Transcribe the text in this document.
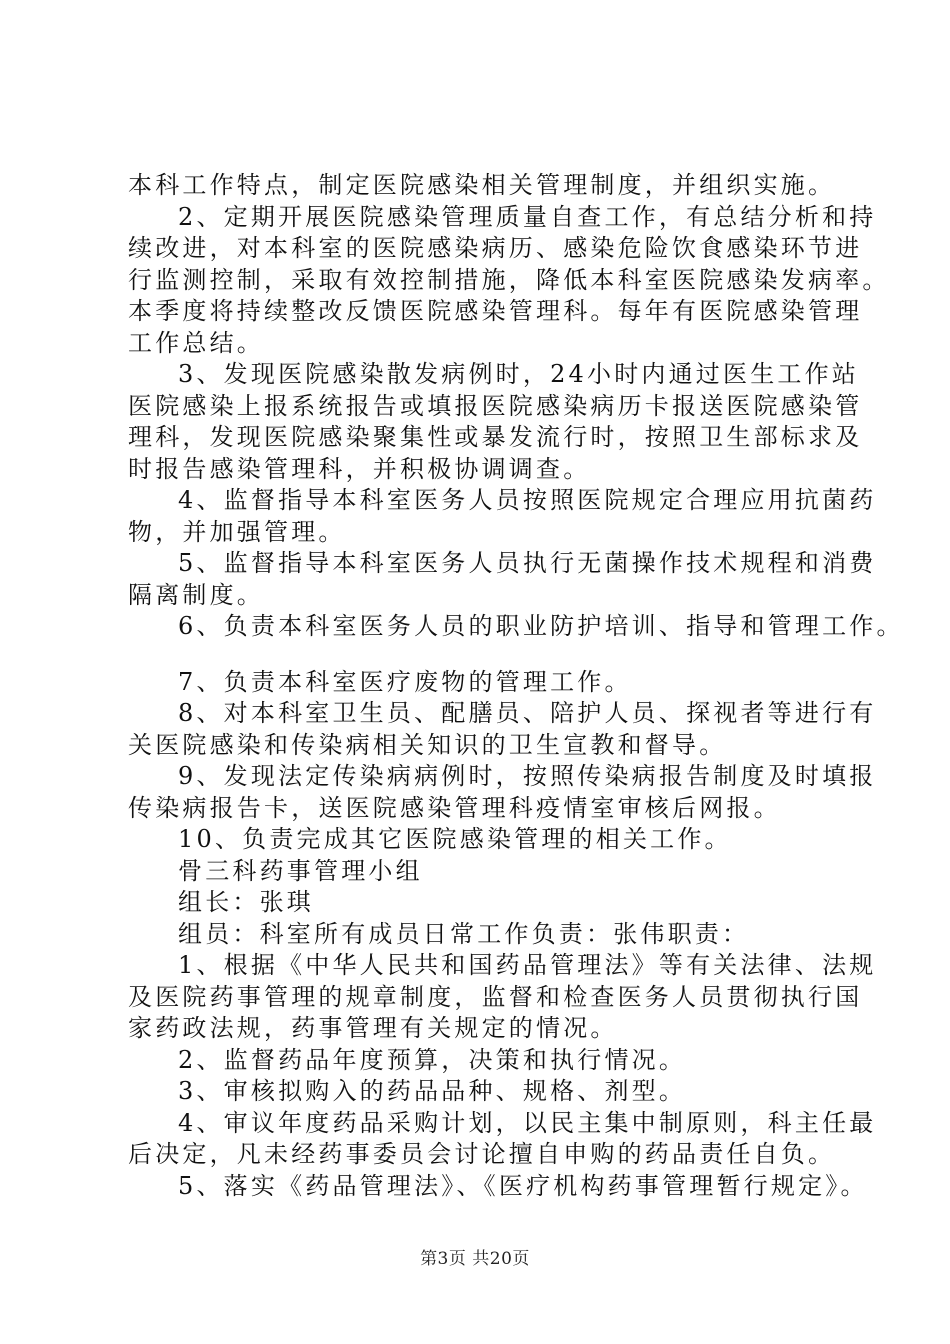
本科工作特点，制定医院感染相关管理制度，并组织实施。
2、定期开展医院感染管理质量自查工作，有总结分析和持
续改进，对本科室的医院感染病历、感染危险饮食感染环节进
行监测控制，采取有效控制措施，降低本科室医院感染发病率。
本季度将持续整改反馈医院感染管理科。每年有医院感染管理
工作总结。
3、发现医院感染散发病例时，24小时内通过医生工作站
医院感染上报系统报告或填报医院感染病历卡报送医院感染管
理科，发现医院感染聚集性或暴发流行时，按照卫生部标求及
时报告感染管理科，并积极协调调查。
4、监督指导本科室医务人员按照医院规定合理应用抗菌药
物，并加强管理。
5、监督指导本科室医务人员执行无菌操作技术规程和消费
隔离制度。
6、负责本科室医务人员的职业防护培训、指导和管理工作。
7、负责本科室医疗废物的管理工作。
8、对本科室卫生员、配膳员、陪护人员、探视者等进行有
关医院感染和传染病相关知识的卫生宣教和督导。
9、发现法定传染病病例时，按照传染病报告制度及时填报
传染病报告卡，送医院感染管理科疫情室审核后网报。
10、负责完成其它医院感染管理的相关工作。
骨三科药事管理小组
组长：张琪
组员：科室所有成员日常工作负责：张伟职责：
1、根据《中华人民共和国药品管理法》等有关法律、法规
及医院药事管理的规章制度，监督和检查医务人员贯彻执行国
家药政法规，药事管理有关规定的情况。
2、监督药品年度预算，决策和执行情况。
3、审核拟购入的药品品种、规格、剂型。
4、审议年度药品采购计划，以民主集中制原则，科主任最
后决定，凡未经药事委员会讨论擅自申购的药品责任自负。
5、落实《药品管理法》、《医疗机构药事管理暂行规定》。
第3页 共20页
